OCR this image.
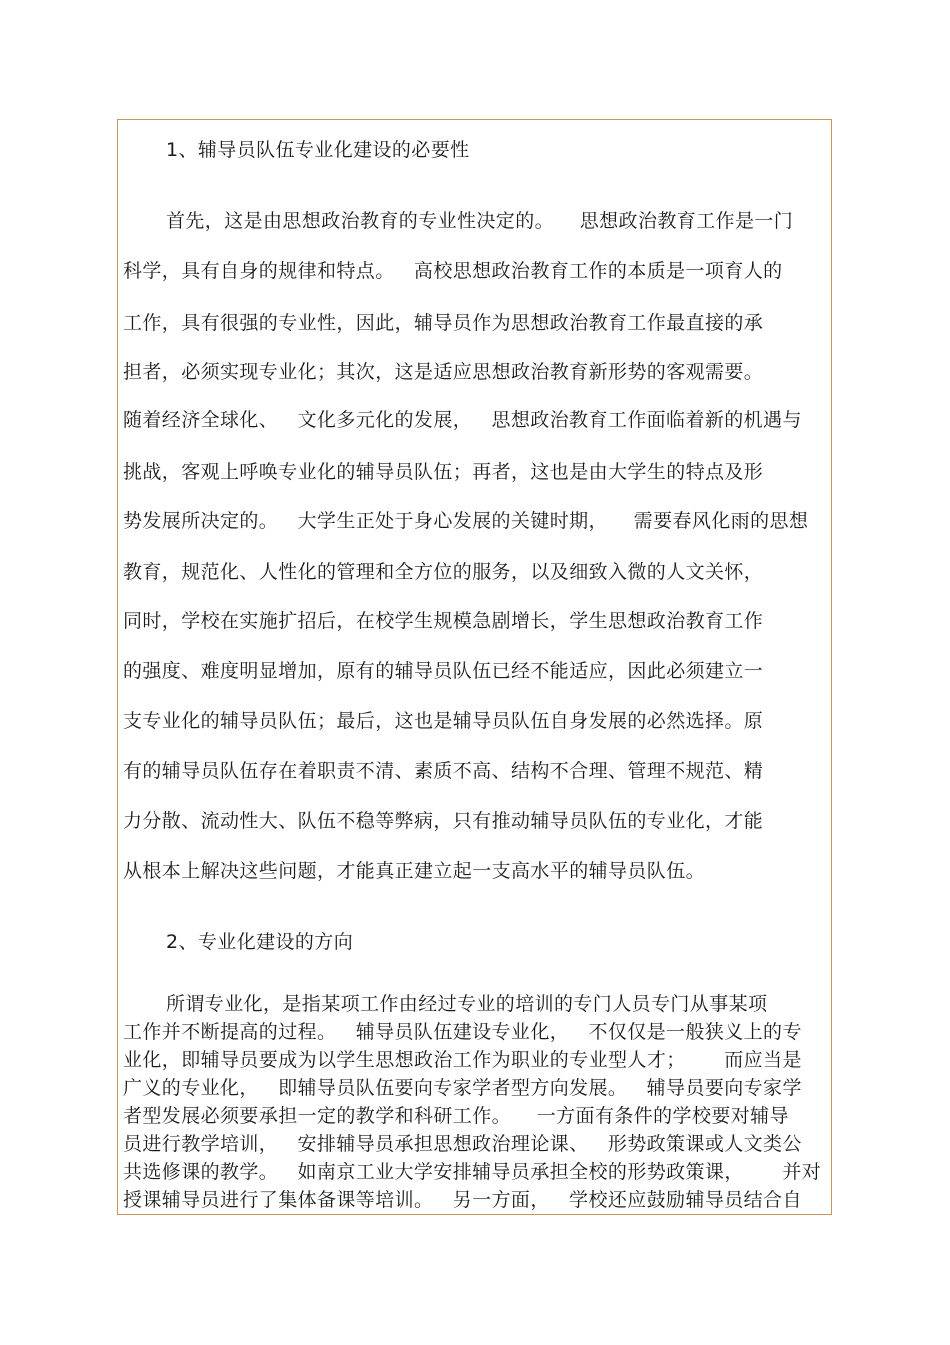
1、辅导员队伍专业化建设的必要性
首先，这是由思想政治教育的专业性决定的。    思想政治教育工作是一门
科学，具有自身的规律和特点。   高校思想政治教育工作的本质是一项育人的
工作，具有很强的专业性，因此，辅导员作为思想政治教育工作最直接的承
担者，必须实现专业化；其次，这是适应思想政治教育新形势的客观需要。
随着经济全球化、   文化多元化的发展，   思想政治教育工作面临着新的机遇与
挑战，客观上呼唤专业化的辅导员队伍；再者，这也是由大学生的特点及形
势发展所决定的。   大学生正处于身心发展的关键时期，    需要春风化雨的思想
教育，规范化、人性化的管理和全方位的服务，以及细致入微的人文关怀，
同时，学校在实施扩招后，在校学生规模急剧增长，学生思想政治教育工作
的强度、难度明显增加，原有的辅导员队伍已经不能适应，因此必须建立一
支专业化的辅导员队伍；最后，这也是辅导员队伍自身发展的必然选择。原
有的辅导员队伍存在着职责不清、素质不高、结构不合理、管理不规范、精
力分散、流动性大、队伍不稳等弊病，只有推动辅导员队伍的专业化，才能
从根本上解决这些问题，才能真正建立起一支高水平的辅导员队伍。
2、专业化建设的方向
所谓专业化，是指某项工作由经过专业的培训的专门人员专门从事某项
工作并不断提高的过程。   辅导员队伍建设专业化，   不仅仅是一般狭义上的专
业化，即辅导员要成为以学生思想政治工作为职业的专业型人才；      而应当是
广义的专业化，   即辅导员队伍要向专家学者型方向发展。   辅导员要向专家学
者型发展必须要承担一定的教学和科研工作。    一方面有条件的学校要对辅导
员进行教学培训，   安排辅导员承担思想政治理论课、   形势政策课或人文类公
共选修课的教学。   如南京工业大学安排辅导员承担全校的形势政策课，      并对
授课辅导员进行了集体备课等培训。   另一方面，   学校还应鼓励辅导员结合自
